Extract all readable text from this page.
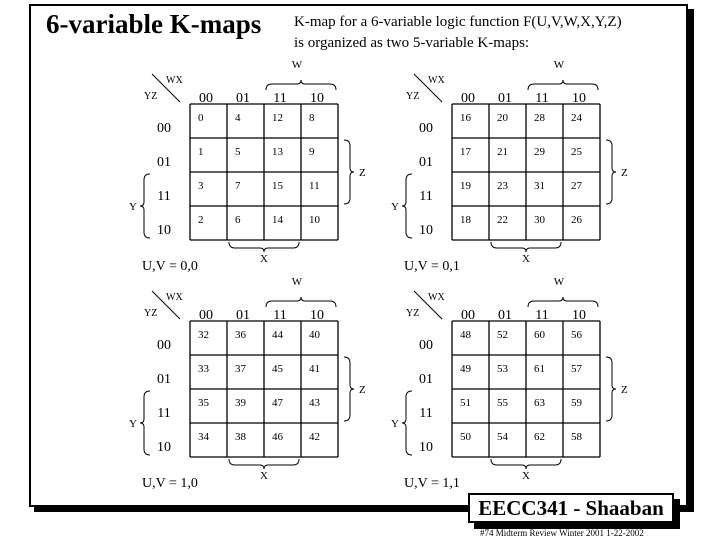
6-variable K-maps K-map for a 6-variable logic function F(U,V,W,X,Y,Z)
is organized as two 5-variable K-maps:
0	4	12 8
1	5	13 9
3	7	15 11
2	6	14 10
00 01 11 10
00
01
11
10
WX
YZ
W
X
Z
Y
U,V = 0,0
16 20 28 24
17 21 29 25
19 23 31 27
18 22 30 26
00 01 11 10
00
01
11
10
WX
YZ
W
X
Z
Y
U,V = 0,1
32 36 44 40
33 37 45 41
35 39 47 43
34 38 46 42
00 01 11 10
00
01
11
10
WX
YZ
W
X
Z
Y
U,V = 1,0
48 52 60 56
49 53 61 57
51 55 63 59
50 54 62 58
00 01 11 10
00
01
11
10
WX
YZ
W
X
Z
Y
U,V = 1,1
EECC341 - Shaaban
#74 Midterm Review Winter 2001 1-22-2002
